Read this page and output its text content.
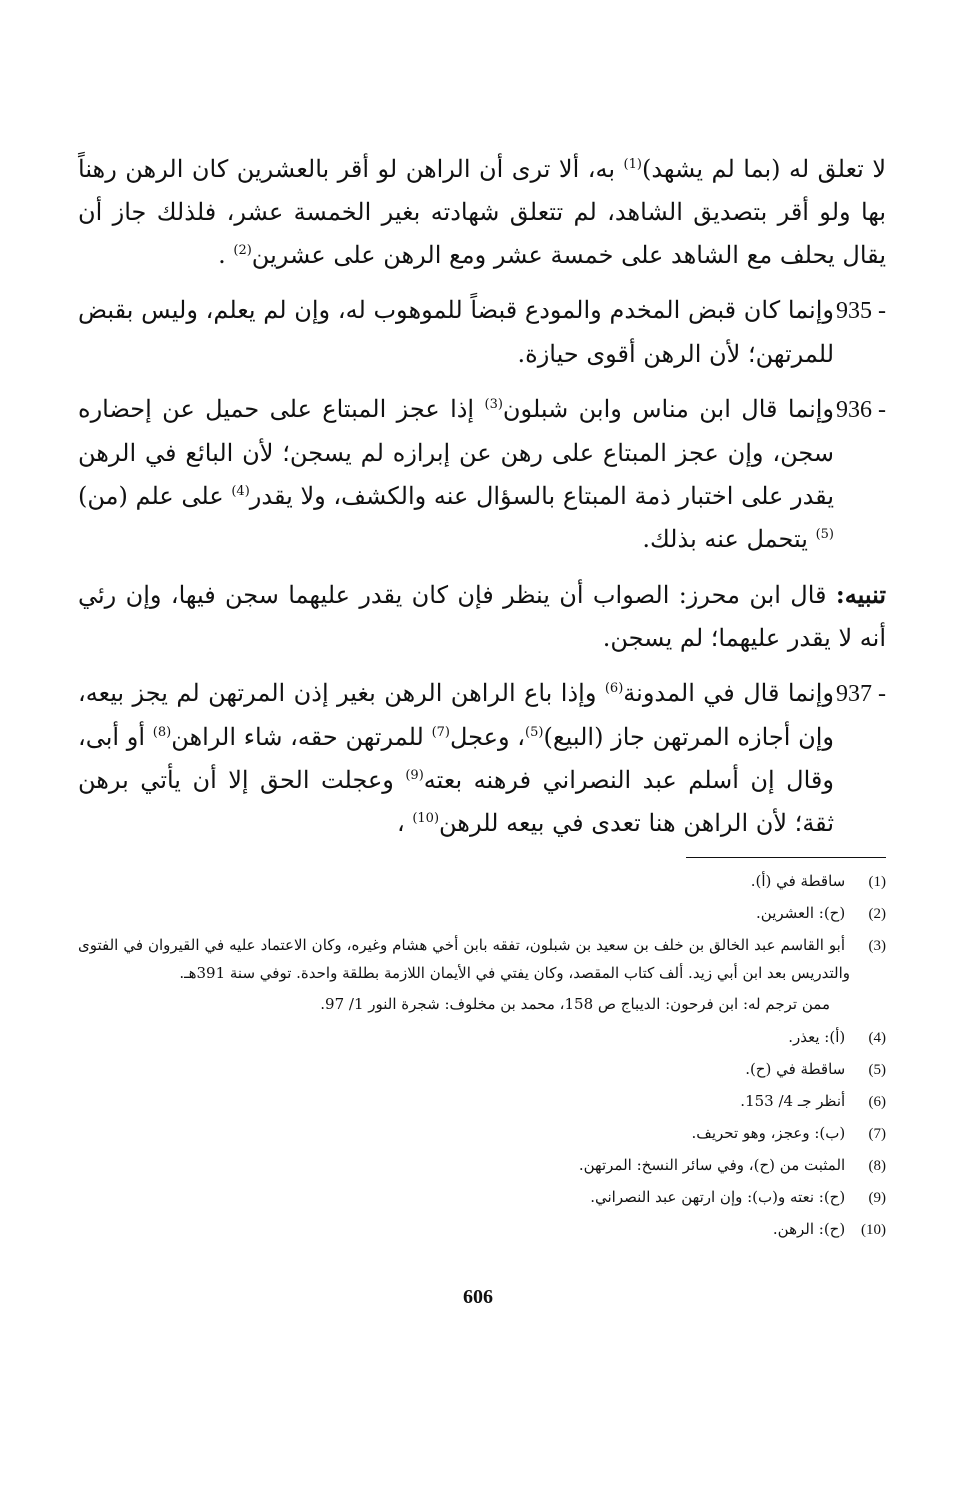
لا تعلق له (بما لم يشهد)$^{(1)}$ به، ألا ترى أن الراهن لو أقر بالعشرين كان الرهن رهناً بها ولو أقر بتصديق الشاهد، لم تتعلق شهادته بغير الخمسة عشر، فلذلك جاز أن يقال يحلف مع الشاهد على خمسة عشر ومع الرهن على عشرين$^{(2)}$ .

935 -وإنما كان قبض المخدم والمودع قبضاً للموهوب له، وإن لم يعلم، وليس بقبض للمرتهن؛ لأن الرهن أقوى حيازة.

936 -وإنما قال ابن مناس وابن شبلون$^{(3)}$ إذا عجز المبتاع على حميل عن إحضاره سجن، وإن عجز المبتاع على رهن عن إبرازه لم يسجن؛ لأن البائع في الرهن يقدر على اختبار ذمة المبتاع بالسؤال عنه والكشف، ولا يقدر$^{(4)}$ على علم (من)$^{(5)}$ يتحمل عنه بذلك.

تنبيه: قال ابن محرز: الصواب أن ينظر فإن كان يقدر عليهما سجن فيها، وإن رئي أنه لا يقدر عليهما؛ لم يسجن.

937 -وإنما قال في المدونة$^{(6)}$ وإذا باع الراهن الرهن بغير إذن المرتهن لم يجز بيعه، وإن أجازه المرتهن جاز (البيع)$^{(5)}$، وعجل$^{(7)}$ للمرتهن حقه، شاء الراهن$^{(8)}$ أو أبى، وقال إن أسلم عبد النصراني فرهنه بعته$^{(9)}$ وعجلت الحق إلا أن يأتي برهن ثقة؛ لأن الراهن هنا تعدى في بيعه للرهن$^{(10)}$ ،

(1) ساقطة في (أ).

(2) (ح): العشرين.

(3) أبو القاسم عبد الخالق بن خلف بن سعيد بن شبلون، تفقه بابن أخي هشام وغيره، وكان الاعتماد عليه في القيروان في الفتوى والتدريس بعد ابن أبي زيد. ألف كتاب المقصد، وكان يفتي في الأيمان اللازمة بطلقة واحدة. توفي سنة 391هـ.

ممن ترجم له: ابن فرحون: الديباج ص 158، محمد بن مخلوف: شجرة النور 1/ 97.

(4) (أ): يعذر.

(5) ساقطة في (ح).

(6) أنظر جـ 4/ 153.

(7) (ب): وعجز، وهو تحريف.

(8) المثبت من (ح)، وفي سائر النسخ: المرتهن.

(9) (ح): نعته و(ب): وإن ارتهن عبد النصراني.

(10) (ح): الرهن.

606
